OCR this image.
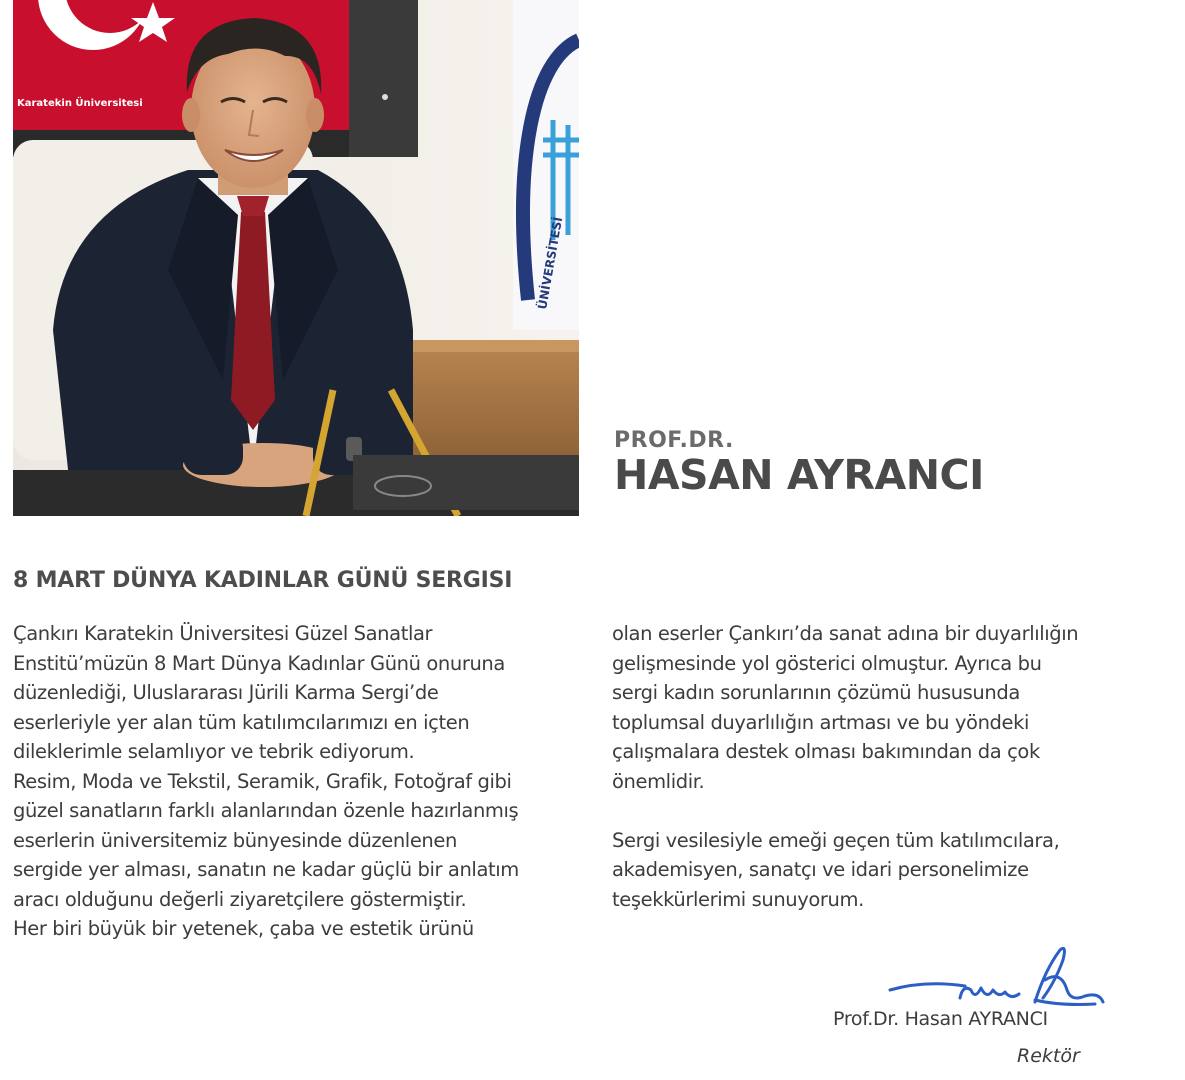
Karatekin Üniversitesi
ÜNİVERSİTESİ

PROF.DR.

HASAN AYRANCI

8 MART DÜNYA KADINLAR GÜNÜ SERGISI
Çankırı Karatekin Üniversitesi Güzel Sanatlar
Enstitü’müzün 8 Mart Dünya Kadınlar Günü onuruna
düzenlediği, Uluslararası Jürili Karma Sergi’de
eserleriyle yer alan tüm katılımcılarımızı en içten
dileklerimle selamlıyor ve tebrik ediyorum.
Resim, Moda ve Tekstil, Seramik, Grafik, Fotoğraf gibi
güzel sanatların farklı alanlarından özenle hazırlanmış
eserlerin üniversitemiz bünyesinde düzenlenen
sergide yer alması, sanatın ne kadar güçlü bir anlatım
aracı olduğunu değerli ziyaretçilere göstermiştir.
Her biri büyük bir yetenek, çaba ve estetik ürünü
olan eserler Çankırı’da sanat adına bir duyarlılığın
gelişmesinde yol gösterici olmuştur. Ayrıca bu
sergi kadın sorunlarının çözümü hususunda
toplumsal duyarlılığın artması ve bu yöndeki
çalışmalara destek olması bakımından da çok
önemlidir.
Sergi vesilesiyle emeği geçen tüm katılımcılara,
akademisyen, sanatçı ve idari personelimize
teşekkürlerimi sunuyorum.
Prof.Dr. Hasan AYRANCI
Rektör
